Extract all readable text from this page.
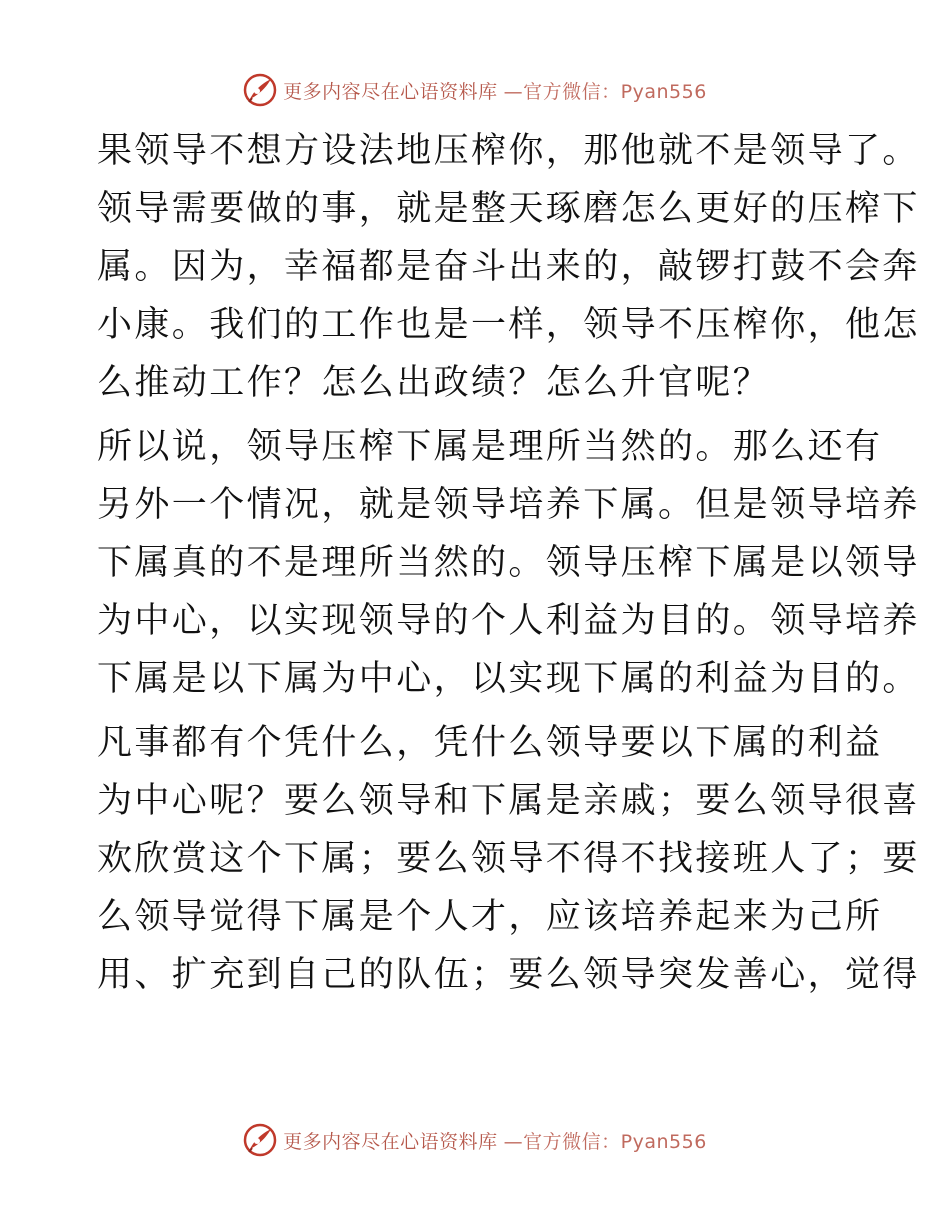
更多内容尽在心语资料库 —官方微信：Pyan556
果领导不想方设法地压榨你，那他就不是领导了。
领导需要做的事，就是整天琢磨怎么更好的压榨下
属。因为，幸福都是奋斗出来的，敲锣打鼓不会奔
小康。我们的工作也是一样，领导不压榨你，他怎
么推动工作？怎么出政绩？怎么升官呢？
所以说，领导压榨下属是理所当然的。那么还有
另外一个情况，就是领导培养下属。但是领导培养
下属真的不是理所当然的。领导压榨下属是以领导
为中心，以实现领导的个人利益为目的。领导培养
下属是以下属为中心，以实现下属的利益为目的。
凡事都有个凭什么，凭什么领导要以下属的利益
为中心呢？要么领导和下属是亲戚；要么领导很喜
欢欣赏这个下属；要么领导不得不找接班人了；要
么领导觉得下属是个人才，应该培养起来为己所
用、扩充到自己的队伍；要么领导突发善心，觉得
更多内容尽在心语资料库 —官方微信：Pyan556
